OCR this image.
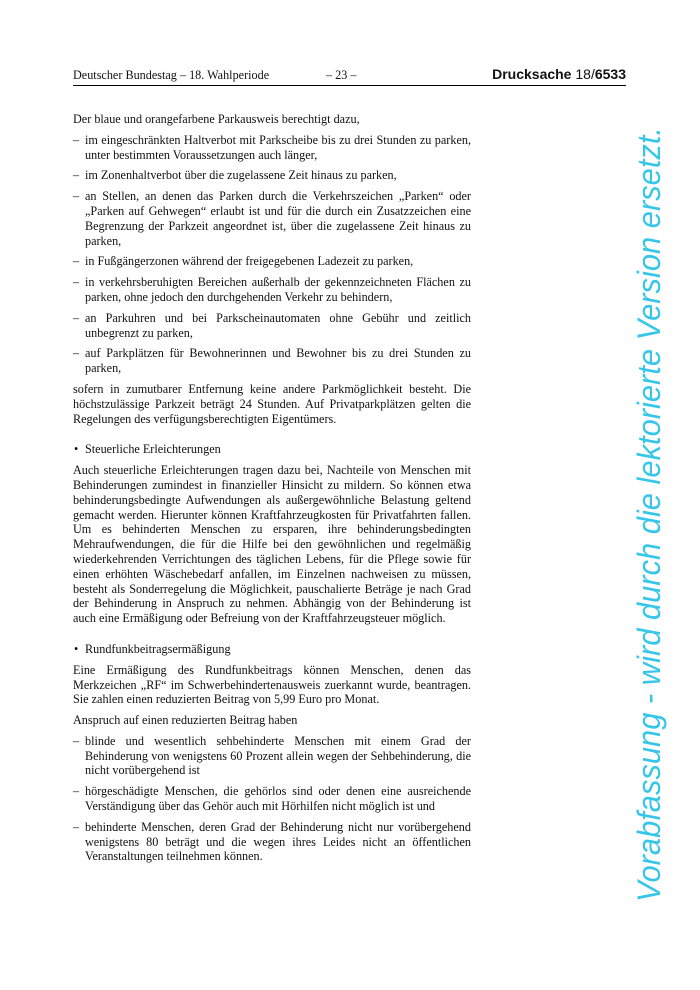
Deutscher Bundestag – 18. Wahlperiode	– 23 –	Drucksache 18/6533

Der blaue und orangefarbene Parkausweis berechtigt dazu,

– im eingeschränkten Haltverbot mit Parkscheibe bis zu drei Stunden zu parken, unter bestimmten Voraussetzungen auch länger,
– im Zonenhaltverbot über die zugelassene Zeit hinaus zu parken,
– an Stellen, an denen das Parken durch die Verkehrszeichen „Parken“ oder „Parken auf Gehwegen“ erlaubt ist und für die durch ein Zusatzzeichen eine Begrenzung der Parkzeit angeordnet ist, über die zugelassene Zeit hinaus zu parken,
– in Fußgängerzonen während der freigegebenen Ladezeit zu parken,
– in verkehrsberuhigten Bereichen außerhalb der gekennzeichneten Flächen zu parken, ohne jedoch den durchgehenden Verkehr zu behindern,
– an Parkuhren und bei Parkscheinautomaten ohne Gebühr und zeitlich unbegrenzt zu parken,
– auf Parkplätzen für Bewohnerinnen und Bewohner bis zu drei Stunden zu parken,

sofern in zumutbarer Entfernung keine andere Parkmöglichkeit besteht. Die höchstzulässige Parkzeit beträgt 24 Stunden. Auf Privatparkplätzen gelten die Regelungen des verfügungsberechtigten Eigentümers.

• Steuerliche Erleichterungen

Auch steuerliche Erleichterungen tragen dazu bei, Nachteile von Menschen mit Behinderungen zumindest in finanzieller Hinsicht zu mildern. So können etwa behinderungsbedingte Aufwendungen als außergewöhnliche Belastung geltend gemacht werden. Hierunter können Kraftfahrzeugkosten für Privatfahrten fallen. Um es behinderten Menschen zu ersparen, ihre behinderungsbedingten Mehraufwendungen, die für die Hilfe bei den gewöhnlichen und regelmäßig wiederkehrenden Verrichtungen des täglichen Lebens, für die Pflege sowie für einen erhöhten Wäschebedarf anfallen, im Einzelnen nachweisen zu müssen, besteht als Sonderregelung die Möglichkeit, pauschalierte Beträge je nach Grad der Behinderung in Anspruch zu nehmen. Abhängig von der Behinderung ist auch eine Ermäßigung oder Befreiung von der Kraftfahrzeugsteuer möglich.

• Rundfunkbeitragsermäßigung

Eine Ermäßigung des Rundfunkbeitrags können Menschen, denen das Merkzeichen „RF“ im Schwerbehindertenausweis zuerkannt wurde, beantragen. Sie zahlen einen reduzierten Beitrag von 5,99 Euro pro Monat.

Anspruch auf einen reduzierten Beitrag haben

– blinde und wesentlich sehbehinderte Menschen mit einem Grad der Behinderung von wenigstens 60 Prozent allein wegen der Sehbehinderung, die nicht vorübergehend ist
– hörgeschädigte Menschen, die gehörlos sind oder denen eine ausreichende Verständigung über das Gehör auch mit Hörhilfen nicht möglich ist und
– behinderte Menschen, deren Grad der Behinderung nicht nur vorübergehend wenigstens 80 beträgt und die wegen ihres Leides nicht an öffentlichen Veranstaltungen teilnehmen können.	Vorabfassung - wird durch die lektorierte Version ersetzt.
